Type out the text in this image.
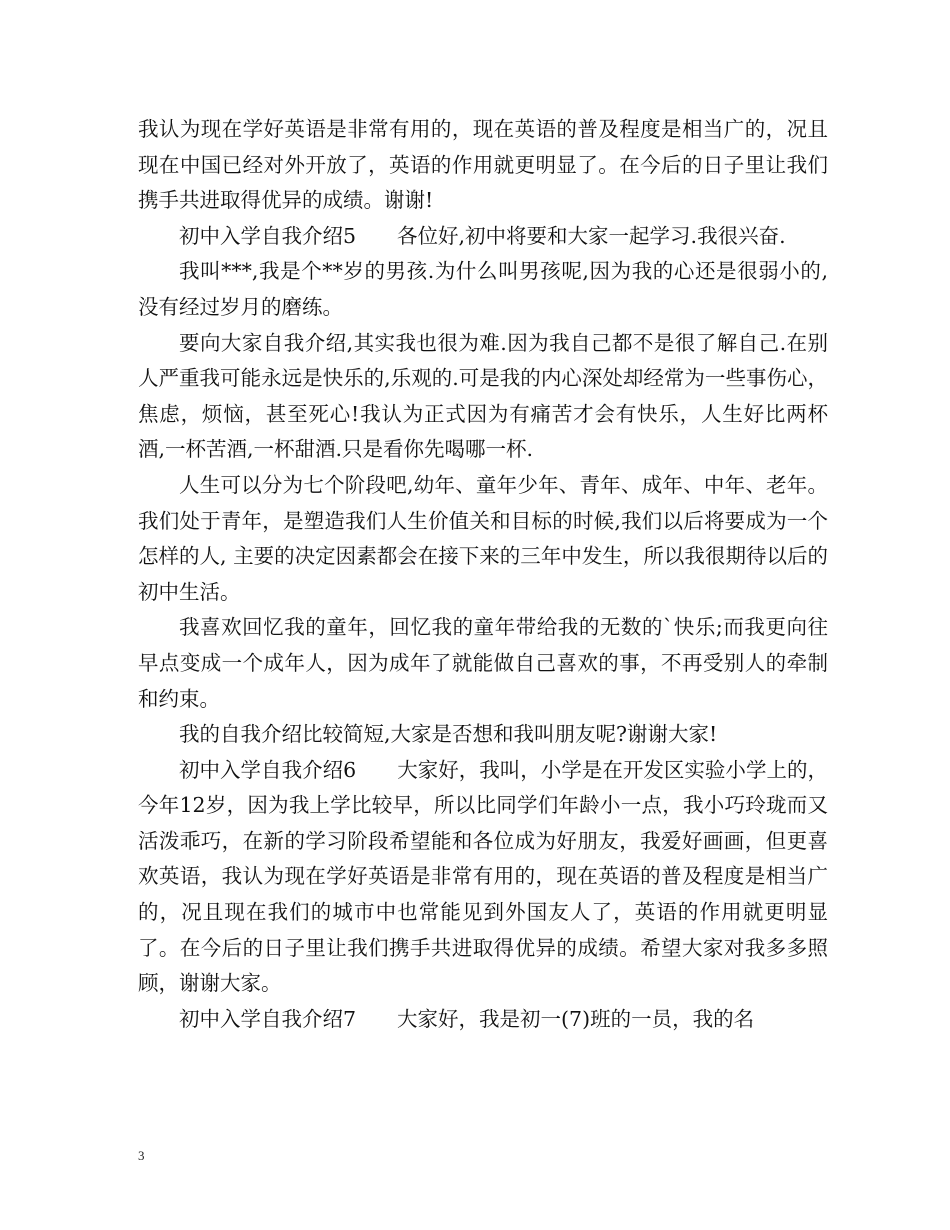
我认为现在学好英语是非常有用的，现在英语的普及程度是相当广的，况且现在中国已经对外开放了，英语的作用就更明显了。在今后的日子里让我们携手共进取得优异的成绩。谢谢!

初中入学自我介绍5　　各位好,初中将要和大家一起学习.我很兴奋.

我叫***,我是个**岁的男孩.为什么叫男孩呢,因为我的心还是很弱小的,没有经过岁月的磨练。

要向大家自我介绍,其实我也很为难.因为我自己都不是很了解自己.在别人严重我可能永远是快乐的,乐观的.可是我的内心深处却经常为一些事伤心，焦虑，烦恼，甚至死心!我认为正式因为有痛苦才会有快乐，人生好比两杯酒,一杯苦酒,一杯甜酒.只是看你先喝哪一杯.

人生可以分为七个阶段吧,幼年、童年少年、青年、成年、中年、老年。我们处于青年，是塑造我们人生价值关和目标的时候,我们以后将要成为一个怎样的人, 主要的决定因素都会在接下来的三年中发生，所以我很期待以后的初中生活。

我喜欢回忆我的童年，回忆我的童年带给我的无数的`快乐;而我更向往早点变成一个成年人，因为成年了就能做自己喜欢的事，不再受别人的牵制和约束。

我的自我介绍比较简短,大家是否想和我叫朋友呢?谢谢大家!

初中入学自我介绍6　　大家好，我叫，小学是在开发区实验小学上的，今年12岁，因为我上学比较早，所以比同学们年龄小一点，我小巧玲珑而又活泼乖巧，在新的学习阶段希望能和各位成为好朋友，我爱好画画，但更喜欢英语，我认为现在学好英语是非常有用的，现在英语的普及程度是相当广的，况且现在我们的城市中也常能见到外国友人了，英语的作用就更明显了。在今后的日子里让我们携手共进取得优异的成绩。希望大家对我多多照顾，谢谢大家。

初中入学自我介绍7　　大家好，我是初一(7)班的一员，我的名

3
